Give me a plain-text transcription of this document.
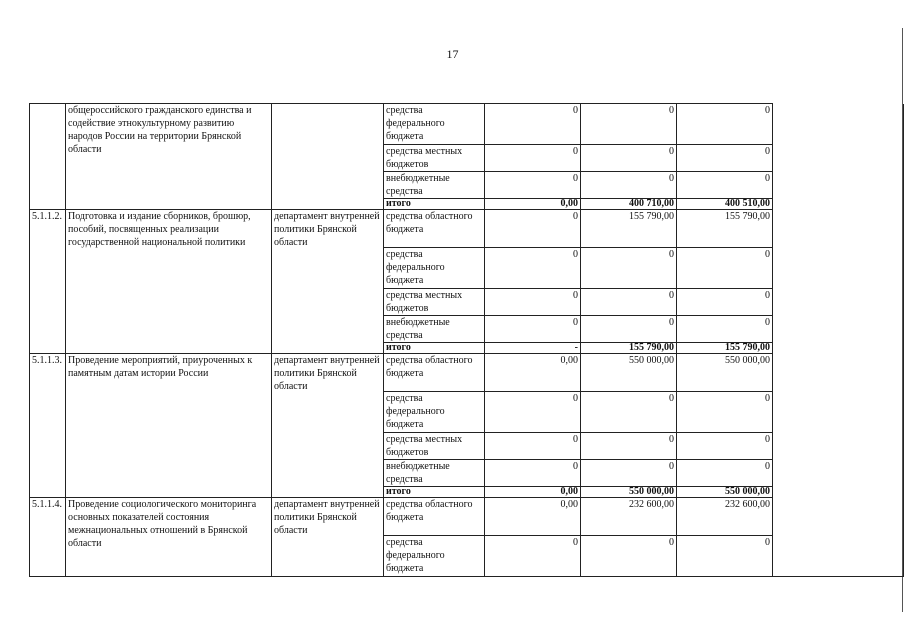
17
	общероссийского гражданского единства и содействие этнокультурному развитию народов России на территории Брянской области		средства федерального бюджета	0	0	0	
			средства местных бюджетов	0	0	0	
			внебюджетные средства	0	0	0	
			итого	0,00	400 710,00	400 510,00	
5.1.1.2.	Подготовка и издание сборников, брошюр, пособий, посвященных реализации государственной национальной политики	департамент внутренней политики Брянской области	средства областного бюджета	0	155 790,00	155 790,00	
			средства федерального бюджета	0	0	0	
			средства местных бюджетов	0	0	0	
			внебюджетные средства	0	0	0	
			итого	-	155 790,00	155 790,00	
5.1.1.3.	Проведение мероприятий, приуроченных к памятным датам истории России	департамент внутренней политики Брянской области	средства областного бюджета	0,00	550 000,00	550 000,00	
			средства федерального бюджета	0	0	0	
			средства местных бюджетов	0	0	0	
			внебюджетные средства	0	0	0	
			итого	0,00	550 000,00	550 000,00	
5.1.1.4.	Проведение социологического мониторинга основных показателей состояния межнациональных отношений в Брянской области	департамент внутренней политики Брянской области	средства областного бюджета	0,00	232 600,00	232 600,00	
			средства федерального бюджета	0	0	0	
